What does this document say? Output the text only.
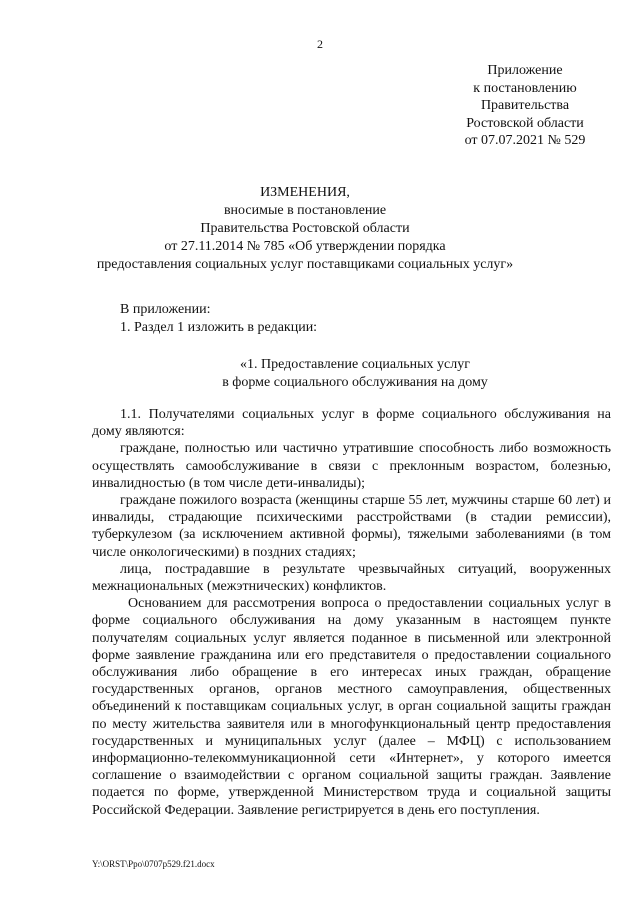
2
Приложение
к постановлению
Правительства
Ростовской области
от 07.07.2021 № 529
ИЗМЕНЕНИЯ,
вносимые в постановление
Правительства Ростовской области
от 27.11.2014 № 785 «Об утверждении порядка
предоставления социальных услуг поставщиками социальных услуг»
В приложении:
1. Раздел 1 изложить в редакции:
«1. Предоставление социальных услуг
в форме социального обслуживания на дому

1.1. Получателями социальных услуг в форме социального обслуживания на дому являются:

граждане, полностью или частично утратившие способность либо возможность осуществлять самообслуживание в связи с преклонным возрастом, болезнью, инвалидностью (в том числе дети-инвалиды);

граждане пожилого возраста (женщины старше 55 лет, мужчины старше 60 лет) и инвалиды, страдающие психическими расстройствами (в стадии ремиссии), туберкулезом (за исключением активной формы), тяжелыми заболеваниями (в том числе онкологическими) в поздних стадиях;

лица, пострадавшие в результате чрезвычайных ситуаций, вооруженных межнациональных (межэтнических) конфликтов.

Основанием для рассмотрения вопроса о предоставлении социальных услуг в форме социального обслуживания на дому указанным в настоящем пункте получателям социальных услуг является поданное в письменной или электронной форме заявление гражданина или его представителя о предоставлении социального обслуживания либо обращение в его интересах иных граждан, обращение государственных органов, органов местного самоуправления, общественных объединений к поставщикам социальных услуг, в орган социальной защиты граждан по месту жительства заявителя или в многофункциональный центр предоставления государственных и муниципальных услуг (далее – МФЦ) с использованием информационно-телекоммуникационной сети «Интернет», у которого имеется соглашение о взаимодействии с органом социальной защиты граждан. Заявление подается по форме, утвержденной Министерством труда и социальной защиты Российской Федерации. Заявление регистрируется в день его поступления.

Y:\ORST\Ppo\0707p529.f21.docx
